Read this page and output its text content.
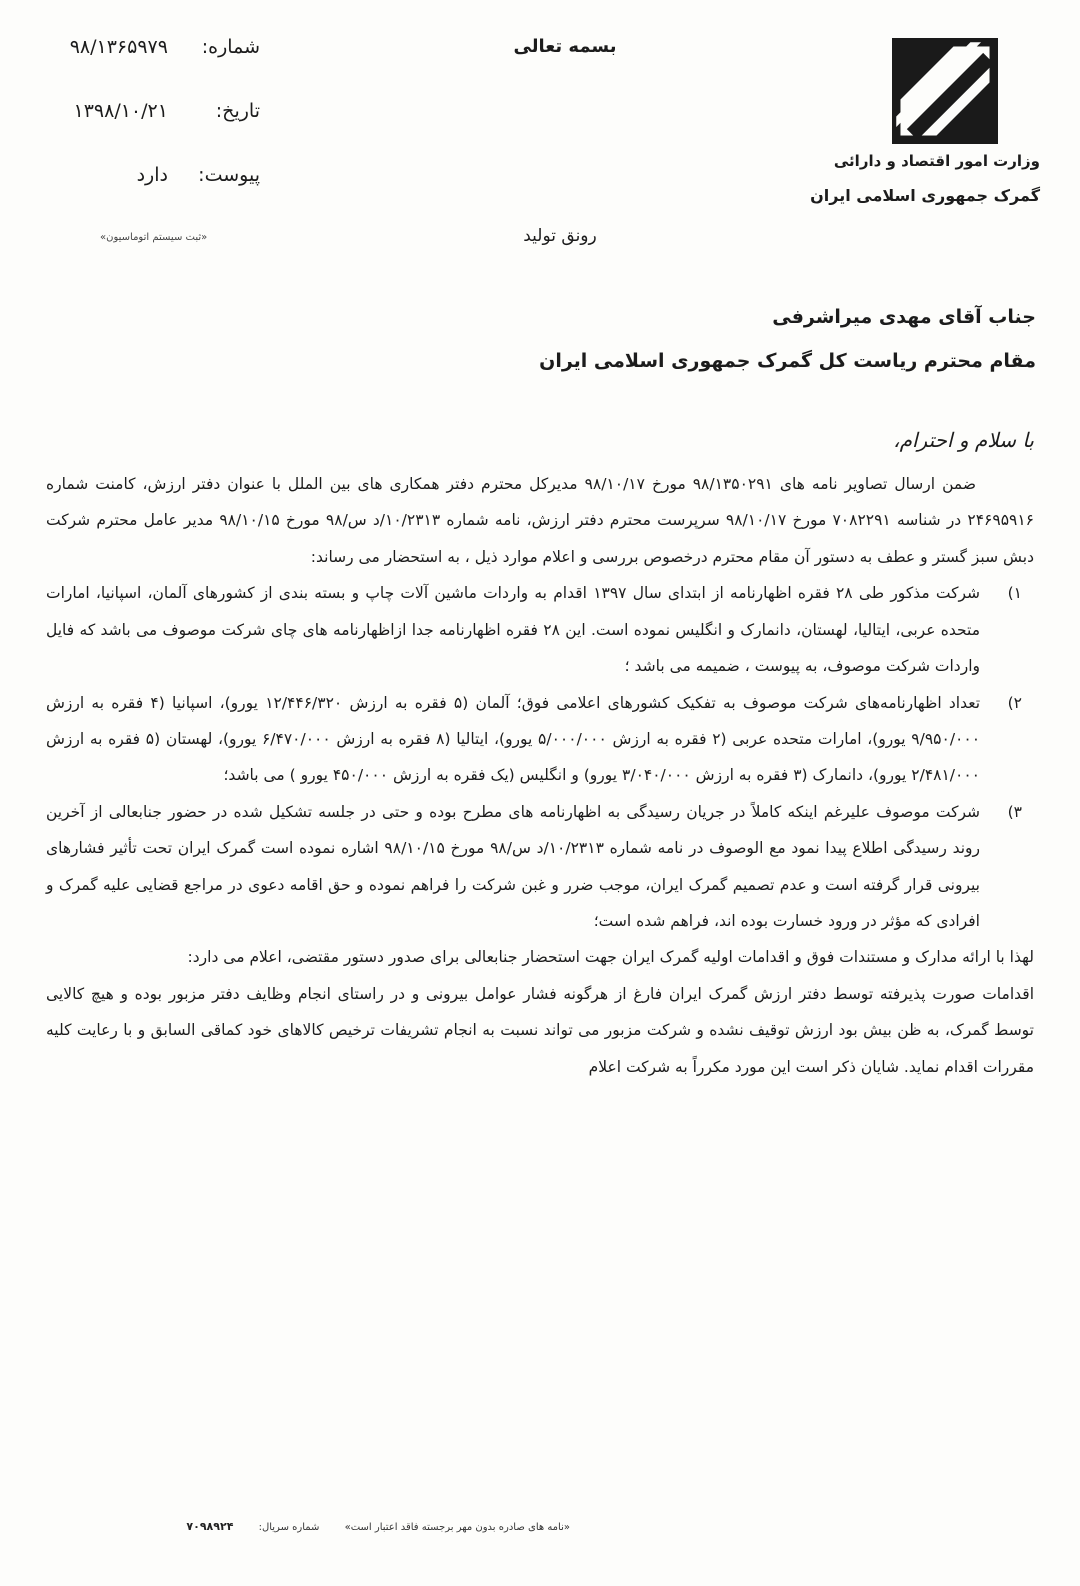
وزارت امور اقتصاد و دارائی
گمرک جمهوری اسلامی ایران
بسمه تعالی
رونق تولید
شماره: ۹۸/۱۳۶۵۹۷۹
تاریخ: ۱۳۹۸/۱۰/۲۱
پیوست: دارد
«ثبت سیستم اتوماسیون»
جناب آقای مهدی میراشرفی
مقام محترم ریاست کل گمرک جمهوری اسلامی ایران
با سلام و احترام،

ضمن ارسال تصاویر نامه های ۹۸/۱۳۵۰۲۹۱ مورخ ۹۸/۱۰/۱۷ مدیرکل محترم دفتر همکاری های بین الملل با عنوان دفتر ارزش، کامنت شماره ۲۴۶۹۵۹۱۶ در شناسه ۷۰۸۲۲۹۱ مورخ ۹۸/۱۰/۱۷ سرپرست محترم دفتر ارزش، نامه شماره ۱۰/۲۳۱۳/د س/۹۸ مورخ ۹۸/۱۰/۱۵ مدیر عامل محترم شرکت دبش سبز گستر و عطف به دستور آن مقام محترم درخصوص بررسی و اعلام موارد ذیل ، به استحضار می رساند:

۱)
شرکت مذکور طی ۲۸ فقره اظهارنامه از ابتدای سال ۱۳۹۷ اقدام به واردات ماشین آلات چاپ و بسته بندی از کشورهای آلمان، اسپانیا، امارات متحده عربی، ایتالیا، لهستان، دانمارک و انگلیس نموده است. این ۲۸ فقره اظهارنامه جدا ازاظهارنامه های چای شرکت موصوف می باشد که فایل واردات شرکت موصوف، به پیوست ، ضمیمه می باشد ؛

۲)
تعداد اظهارنامه‌های شرکت موصوف به تفکیک کشورهای اعلامی فوق؛ آلمان (۵ فقره به ارزش ۱۲/۴۴۶/۳۲۰ یورو)، اسپانیا (۴ فقره به ارزش ۹/۹۵۰/۰۰۰ یورو)، امارات متحده عربی (۲ فقره به ارزش ۵/۰۰۰/۰۰۰ یورو)، ایتالیا (۸ فقره به ارزش ۶/۴۷۰/۰۰۰ یورو)، لهستان (۵ فقره به ارزش ۲/۴۸۱/۰۰۰ یورو)، دانمارک (۳ فقره به ارزش ۳/۰۴۰/۰۰۰ یورو) و انگلیس (یک فقره به ارزش ۴۵۰/۰۰۰ یورو ) می باشد؛

۳)
شرکت موصوف علیرغم اینکه کاملاً در جریان رسیدگی به اظهارنامه های مطرح بوده و حتی در جلسه تشکیل شده در حضور جنابعالی از آخرین روند رسیدگی اطلاع پیدا نمود مع الوصوف در نامه شماره ۱۰/۲۳۱۳/د س/۹۸ مورخ ۹۸/۱۰/۱۵ اشاره نموده است گمرک ایران تحت تأثیر فشارهای بیرونی قرار گرفته است و عدم تصمیم گمرک ایران، موجب ضرر و غبن شرکت را فراهم نموده و حق اقامه دعوی در مراجع قضایی علیه گمرک و افرادی که مؤثر در ورود خسارت بوده اند، فراهم شده است؛

لهذا با ارائه مدارک و مستندات فوق و اقدامات اولیه گمرک ایران جهت استحضار جنابعالی برای صدور دستور مقتضی، اعلام می دارد:

اقدامات صورت پذیرفته توسط دفتر ارزش گمرک ایران فارغ از هرگونه فشار عوامل بیرونی و در راستای انجام وظایف دفتر مزبور بوده و هیچ کالایی توسط گمرک، به ظن بیش بود ارزش توقیف نشده و شرکت مزبور می تواند نسبت به انجام تشریفات ترخیص کالاهای خود کماقی السابق و با رعایت کلیه مقررات اقدام نماید. شایان ذکر است این مورد مکرراً به شرکت اعلام

«نامه های صادره بدون مهر برجسته فاقد اعتبار است» شماره سریال: ۷۰۹۸۹۲۴
